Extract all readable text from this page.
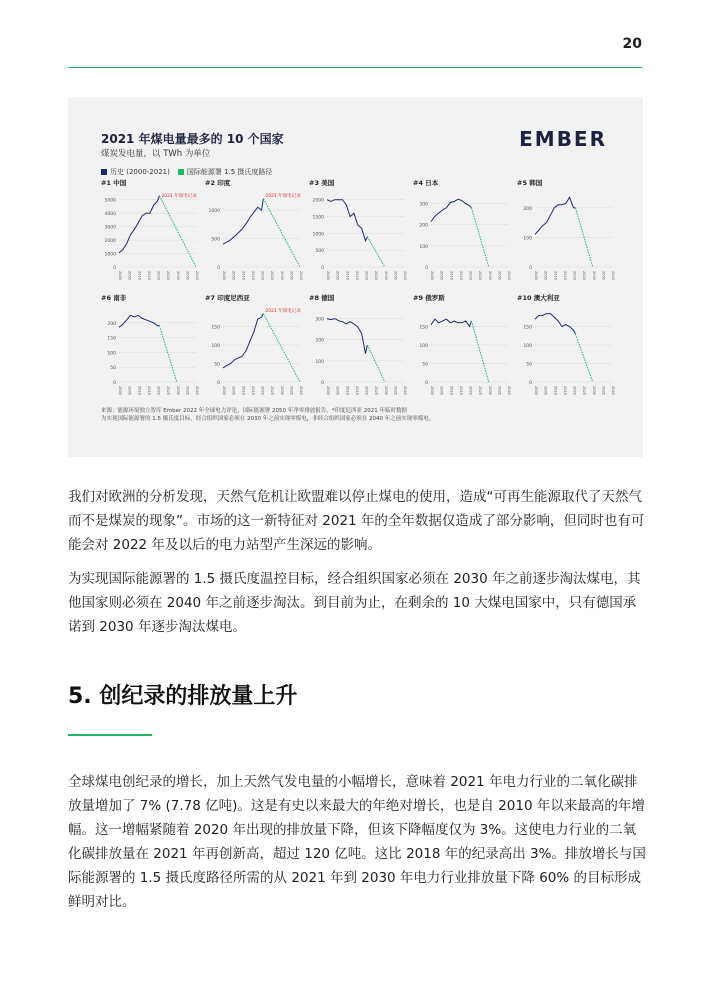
20
2021 年煤电量最多的 10 个国家
煤炭发电量，以 TWh 为单位
历史 (2000-2021)	国际能源署 1.5 摄氏度路径
EMBER
#1 中国
0
1000
2000
3000
4000
5000
2000 2005 2010 2015 2020 2025 2030 2035 2040
2021 年煤电记录
#2 印度
0
500
1000
2000 2005 2010 2015 2020 2025 2030 2035 2040
2021 年煤电记录
#3 美国
0
500
1000
1500
2000
2000 2005 2010 2015 2020 2025 2030 2035 2040
#4 日本
0
100
200
300
2000 2005 2010 2015 2020 2025 2030 2035 2040
#5 韩国
0
100
200
2000 2005 2010 2015 2020 2025 2030 2035 2040
#6 南非
0
50
100
150
200
2000 2005 2010 2015 2020 2025 2030 2035 2040
#7 印度尼西亚
0
50
100
150
2000 2005 2010 2015 2020 2025 2030 2035 2040
2021 年煤电记录
#8 德国
0
100
200
300
2000 2005 2010 2015 2020 2025 2030 2035 2040
#9 俄罗斯
0
50
100
150
2000 2005 2010 2015 2020 2025 2030 2035 2040
#10 澳大利亚
0
50
100
150
2000 2005 2010 2015 2020 2025 2030 2035 2040
来源：能源环境独立智库 Ember 2022 年全球电力评论，国际能源署 2050 年净零排放报告，*印度尼西亚 2021 年临时数据
为实现国际能源署的 1.5 摄氏度目标，经合组织国家必须在 2030 年之前实现零煤电，非经合组织国家必须在 2040 年之前实现零煤电。

我们对欧洲的分析发现，天然气危机让欧盟难以停止煤电的使用，造成“可再生能源取代了天然气而不是煤炭的现象”。市场的这一新特征对 2021 年的全年数据仅造成了部分影响，但同时也有可能会对 2022 年及以后的电力站型产生深远的影响。

为实现国际能源署的 1.5 摄氏度温控目标，经合组织国家必须在 2030 年之前逐步淘汰煤电，其他国家则必须在 2040 年之前逐步淘汰。到目前为止，在剩余的 10 大煤电国家中，只有德国承诺到 2030 年逐步淘汰煤电。

5. 创纪录的排放量上升

全球煤电创纪录的增长，加上天然气发电量的小幅增长，意味着 2021 年电力行业的二氧化碳排放量增加了 7% (7.78 亿吨)。这是有史以来最大的年绝对增长，也是自 2010 年以来最高的年增幅。这一增幅紧随着 2020 年出现的排放量下降，但该下降幅度仅为 3%。这使电力行业的二氧化碳排放量在 2021 年再创新高，超过 120 亿吨。这比 2018 年的纪录高出 3%。排放增长与国际能源署的 1.5 摄氏度路径所需的从 2021 年到 2030 年电力行业排放量下降 60% 的目标形成鲜明对比。
